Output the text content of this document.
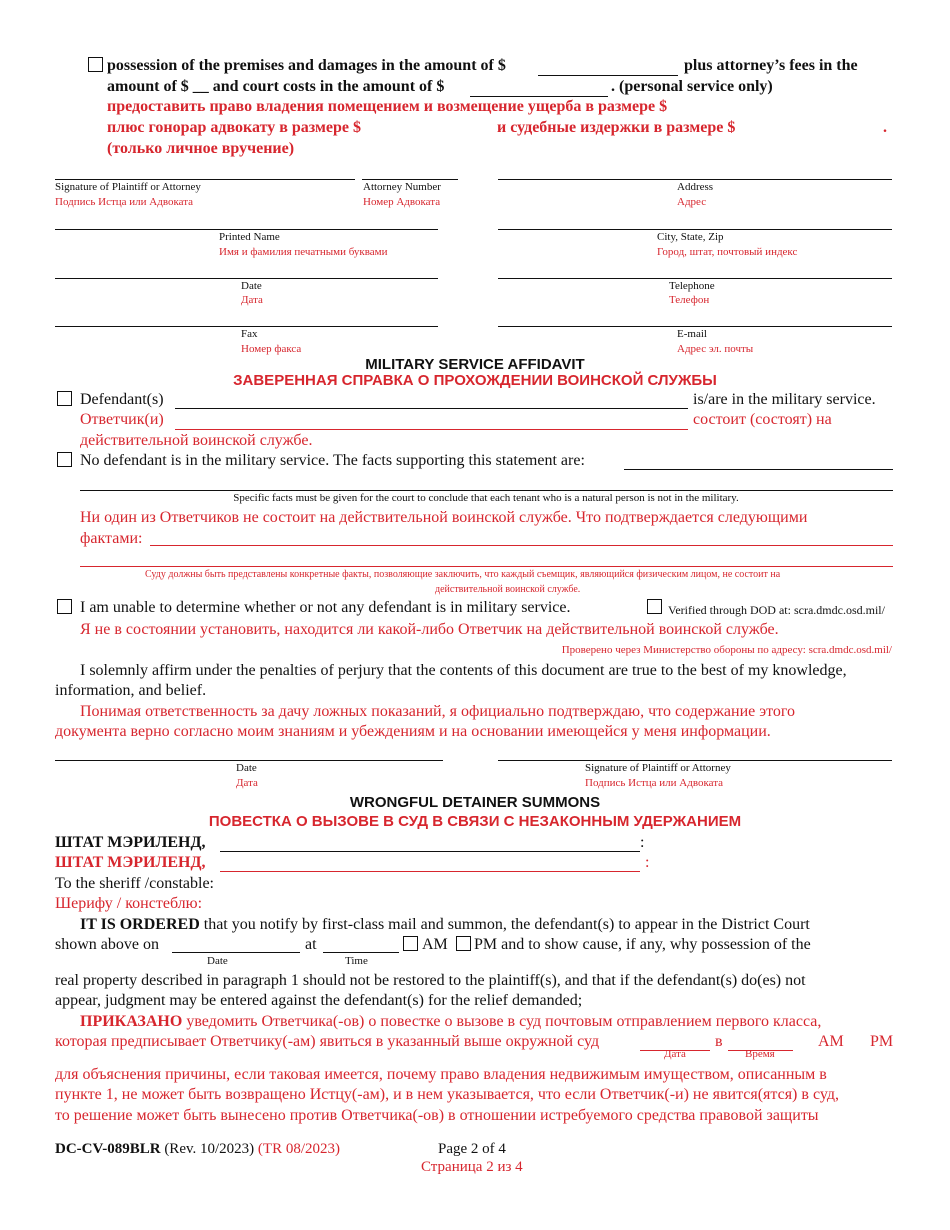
possession of the premises and damages in the amount of $	plus attorney’s fees in the
amount of $ __ and court costs in the amount of $	. (personal service only)
предоставить право владения помещением и возмещение ущерба в размере $
плюс гонорар адвокату в размере $	и судебные издержки в размере $	.
(только личное вручение)
Signature of Plaintiff or Attorney
Подпись Истца или Адвоката
Attorney Number
Номер Адвоката
Address
Адрес
Printed Name
Имя и фамилия печатными буквами
City, State, Zip
Город, штат, почтовый индекс
Date
Дата
Telephone
Телефон
Fax
Номер факса
E-mail
Адрес эл. почты
MILITARY SERVICE AFFIDAVIT
ЗАВЕРЕННАЯ СПРАВКА О ПРОХОЖДЕНИИ ВОИНСКОЙ СЛУЖБЫ
Defendant(s)	is/are in the military service.
Ответчик(и)	состоит (состоят) на
действительной воинской службе.
No defendant is in the military service. The facts supporting this statement are:
Specific facts must be given for the court to conclude that each tenant who is a natural person is not in the military.
Ни один из Ответчиков не состоит на действительной воинской службе. Что подтверждается следующими
фактами:
Суду должны быть представлены конкретные факты, позволяющие заключить, что каждый съемщик, являющийся физическим лицом, не состоит на
действительной воинской службе.
I am unable to determine whether or not any defendant is in military service.	Verified through DOD at: scra.dmdc.osd.mil/
Я не в состоянии установить, находится ли какой-либо Ответчик на действительной воинской службе.
Проверено через Министерство обороны по адресу: scra.dmdc.osd.mil/
I solemnly affirm under the penalties of perjury that the contents of this document are true to the best of my knowledge,
information, and belief.
Понимая ответственность за дачу ложных показаний, я официально подтверждаю, что содержание этого
документа верно согласно моим знаниям и убеждениям и на основании имеющейся у меня информации.
Date
Дата
Signature of Plaintiff or Attorney
Подпись Истца или Адвоката
WRONGFUL DETAINER SUMMONS
ПОВЕСТКА О ВЫЗОВЕ В СУД В СВЯЗИ С НЕЗАКОННЫМ УДЕРЖАНИЕМ
ШТАТ МЭРИЛЕНД,	:
ШТАТ МЭРИЛЕНД,	:
To the sheriff /constable:
Шерифу / констеблю:
IT IS ORDERED that you notify by first-class mail and summon, the defendant(s) to appear in the District Court
shown above on	at	AM PM and to show cause, if any, why possession of the
Date	Time
real property described in paragraph 1 should not be restored to the plaintiff(s), and that if the defendant(s) do(es) not
appear, judgment may be entered against the defendant(s) for the relief demanded;
ПРИКАЗАНО уведомить Ответчика(-ов) о повестке о вызове в суд почтовым отправлением первого класса,
которая предписывает Ответчику(-ам) явиться в указанный выше окружной суд	в	AM PM
Дата	Время
для объяснения причины, если таковая имеется, почему право владения недвижимым имуществом, описанным в
пункте 1, не может быть возвращено Истцу(-ам), и в нем указывается, что если Ответчик(-и) не явится(ятся) в суд,
то решение может быть вынесено против Ответчика(-ов) в отношении истребуемого средства правовой защиты
DC-CV-089BLR (Rev. 10/2023) (TR 08/2023)	Page 2 of 4
Страница 2 из 4
